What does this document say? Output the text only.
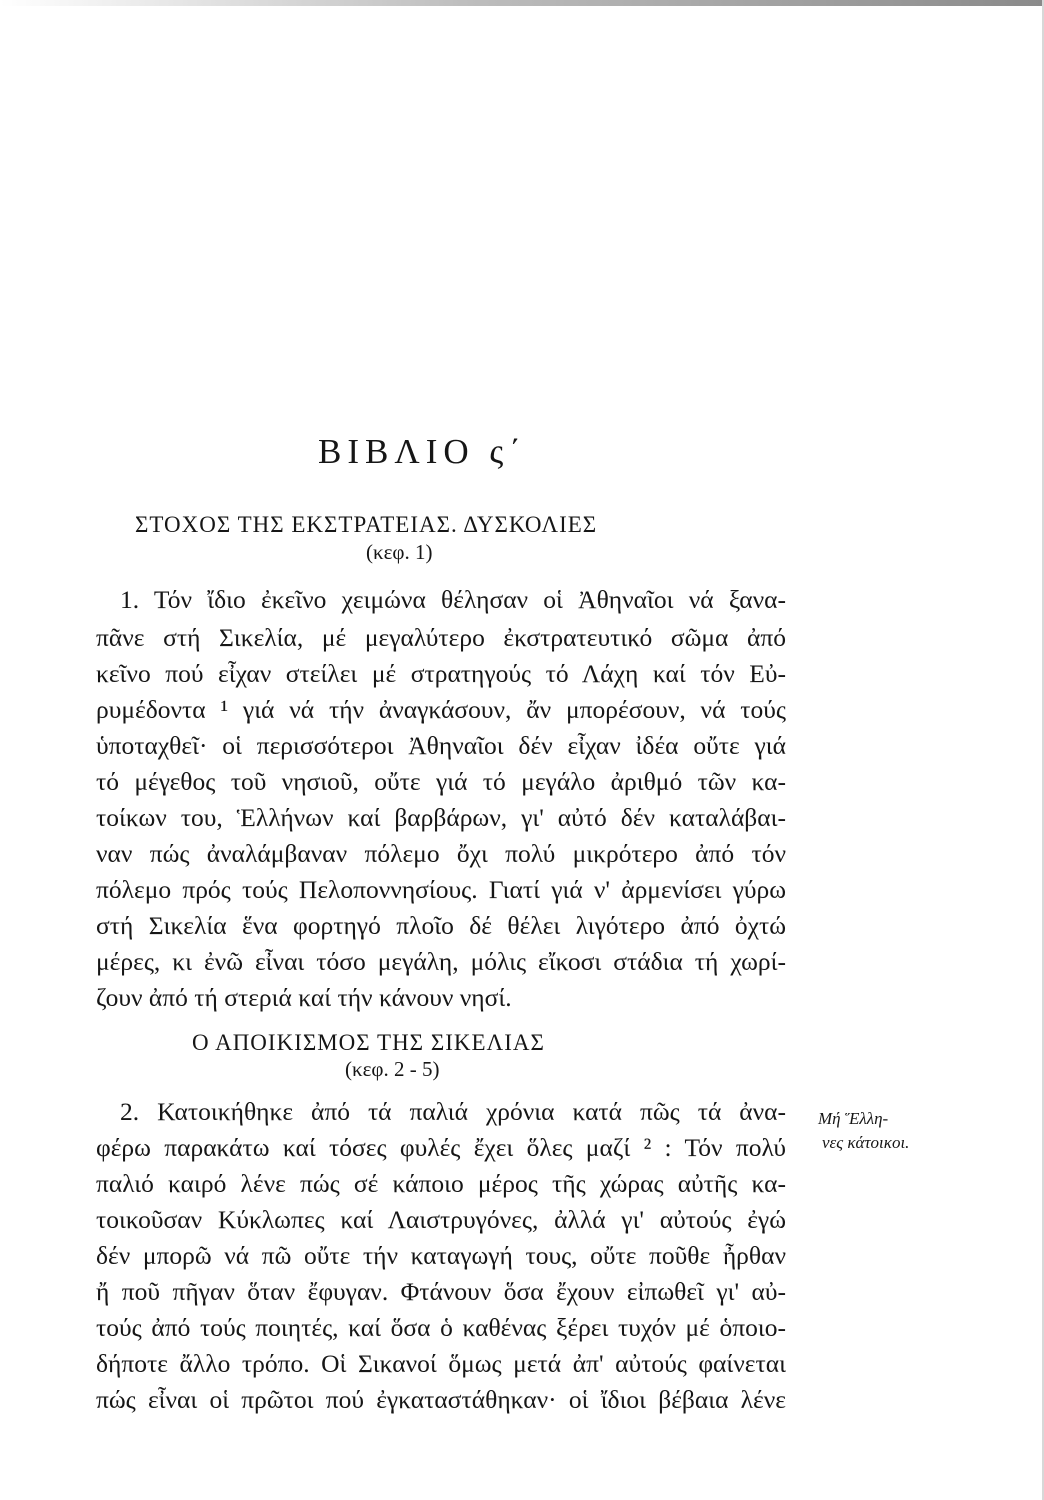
ΒΙΒΛΙΟ ς΄
ΣΤΟΧΟΣ ΤΗΣ ΕΚΣΤΡΑΤΕΙΑΣ. ΔΥΣΚΟΛΙΕΣ
(κεφ. 1)
1. Τόν ἴδιο ἐκεῖνο χειμώνα θέλησαν οἱ Ἀθηναῖοι νά ξανα-
πᾶνε στή Σικελία, μέ μεγαλύτερο ἐκστρατευτικό σῶμα ἀπό
κεῖνο πού εἶχαν στείλει μέ στρατηγούς τό Λάχη καί τόν Εὐ-
ρυμέδοντα ¹ γιά νά τήν ἀναγκάσουν, ἄν μπορέσουν, νά τούς
ὑποταχθεῖ· οἱ περισσότεροι Ἀθηναῖοι δέν εἶχαν ἰδέα οὔτε γιά
τό μέγεθος τοῦ νησιοῦ, οὔτε γιά τό μεγάλο ἀριθμό τῶν κα-
τοίκων του, Ἑλλήνων καί βαρβάρων, γι' αὐτό δέν καταλάβαι-
ναν πώς ἀναλάμβαναν πόλεμο ὄχι πολύ μικρότερο ἀπό τόν
πόλεμο πρός τούς Πελοποννησίους. Γιατί γιά ν' ἀρμενίσει γύρω
στή Σικελία ἕνα φορτηγό πλοῖο δέ θέλει λιγότερο ἀπό ὀχτώ
μέρες, κι ἐνῶ εἶναι τόσο μεγάλη, μόλις εἴκοσι στάδια τή χωρί-
ζουν ἀπό τή στεριά καί τήν κάνουν νησί.
Ο ΑΠΟΙΚΙΣΜΟΣ ΤΗΣ ΣΙΚΕΛΙΑΣ
(κεφ. 2 - 5)
2. Κατοικήθηκε ἀπό τά παλιά χρόνια κατά πῶς τά ἀνα-
φέρω παρακάτω καί τόσες φυλές ἔχει ὅλες μαζί ² : Τόν πολύ
παλιό καιρό λένε πώς σέ κάποιο μέρος τῆς χώρας αὐτῆς κα-
τοικοῦσαν Κύκλωπες καί Λαιστρυγόνες, ἀλλά γι' αὐτούς ἐγώ
δέν μπορῶ νά πῶ οὔτε τήν καταγωγή τους, οὔτε ποῦθε ἦρθαν
ἤ ποῦ πῆγαν ὅταν ἔφυγαν. Φτάνουν ὅσα ἔχουν εἰπωθεῖ γι' αὐ-
τούς ἀπό τούς ποιητές, καί ὅσα ὁ καθένας ξέρει τυχόν μέ ὁποιο-
δήποτε ἄλλο τρόπο. Οἱ Σικανοί ὅμως μετά ἀπ' αὐτούς φαίνεται
πώς εἶναι οἱ πρῶτοι πού ἐγκαταστάθηκαν· οἱ ἴδιοι βέβαια λένε
Μή Ἕλλη-
νες κάτοικοι.
